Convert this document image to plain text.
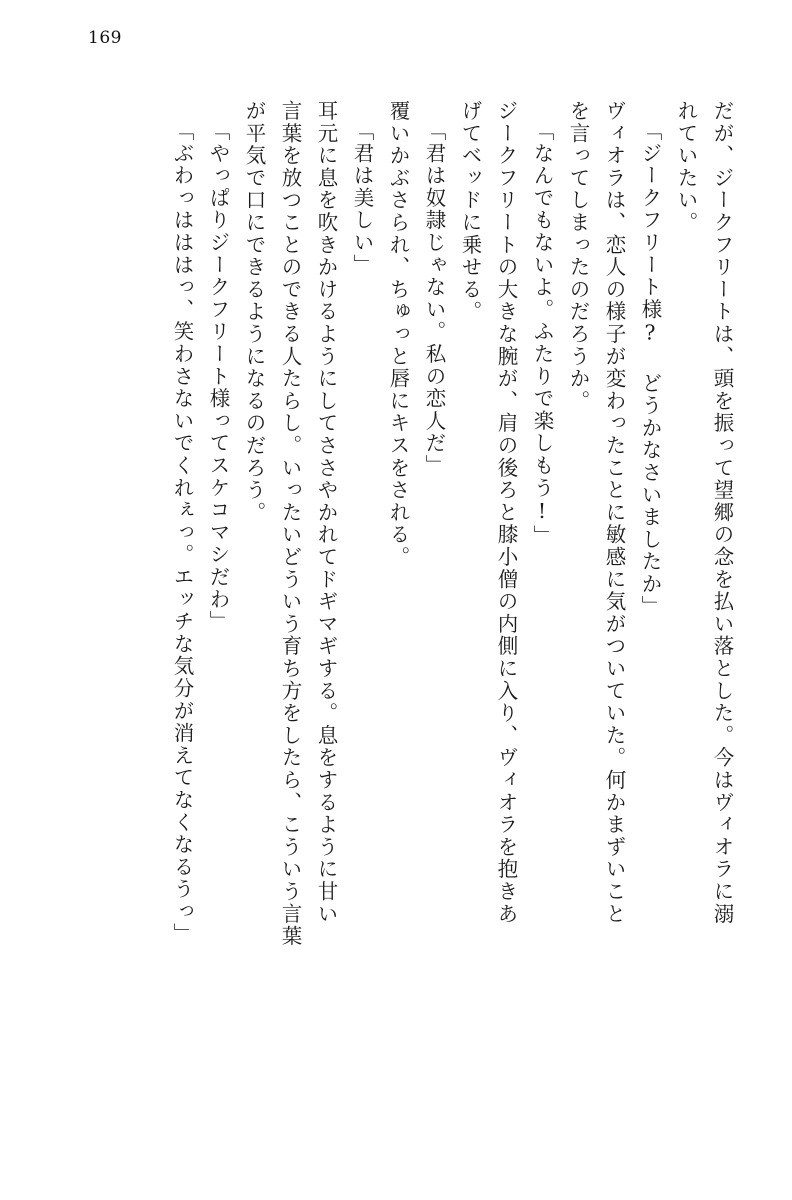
169
だが、ジークフリートは、頭を振って望郷の念を払い落とした。今はヴィオラに溺
れていたい。
「ジークフリート様? どうかなさいましたか」
ヴィオラは、恋人の様子が変わったことに敏感に気がついていた。何かまずいこと
を言ってしまったのだろうか。
「なんでもないよ。ふたりで楽しもう!」
ジークフリートの大きな腕が、肩の後ろと膝小僧の内側に入り、ヴィオラを抱きあ
げてベッドに乗せる。
「君は奴隷じゃない。私の恋人だ」
覆いかぶさられ、ちゅっと唇にキスをされる。
「君は美しい」
耳元に息を吹きかけるようにしてささやかれてドギマギする。息をするように甘い
言葉を放つことのできる人たらし。いったいどういう育ち方をしたら、こういう言葉
が平気で口にできるようになるのだろう。
「やっぱりジークフリート様ってスケコマシだわ」
「ぶわっはははっ、笑わさないでくれぇっ。エッチな気分が消えてなくなるうっ」
